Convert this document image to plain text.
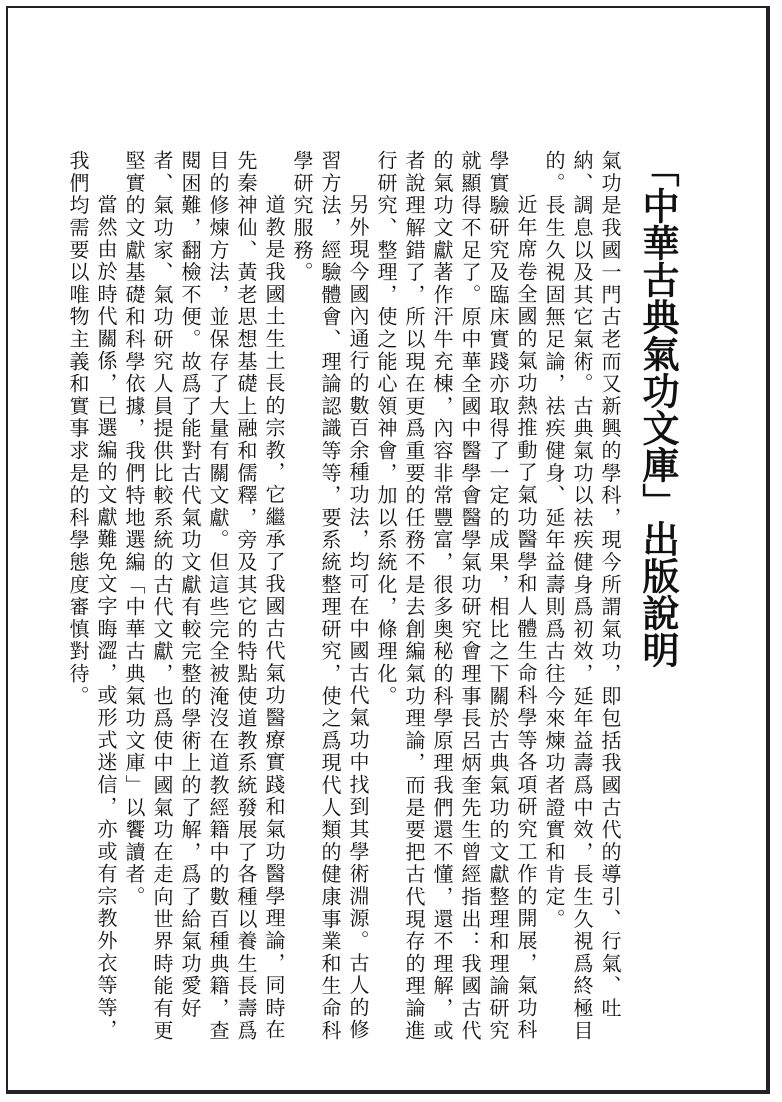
「中華古典氣功文庫」出版說明

氣功是我國一門古老而又新興的學科，現今所謂氣功，即包括我國古代的導引、行氣、吐納、調息以及其它氣術。古典氣功以祛疾健身爲初效，延年益壽爲中效，長生久視爲終極目的。長生久視固無足論，祛疾健身、延年益壽則爲古往今來煉功者證實和肯定。

近年席卷全國的氣功熱推動了氣功醫學和人體生命科學等各項研究工作的開展，氣功科學實驗研究及臨床實踐亦取得了一定的成果，相比之下關於古典氣功的文獻整理和理論研究就顯得不足了。原中華全國中醫學會醫學氣功研究會理事長呂炳奎先生曾經指出：我國古代的氣功文獻著作汗牛充棟，內容非常豐富，很多奥秘的科學原理我們還不懂，還不理解，或者說理解錯了，所以現在更爲重要的任務不是去創編氣功理論，而是要把古代現存的理論進行研究、整理，使之能心領神會，加以系統化，條理化。

另外現今國內通行的數百余種功法，均可在中國古代氣功中找到其學術淵源。古人的修習方法，經驗體會、理論認識等等，要系統整理研究，使之爲現代人類的健康事業和生命科學研究服務。

道教是我國土生土長的宗教，它繼承了我國古代氣功醫療實踐和氣功醫學理論，同時在先秦神仙、黃老思想基礎上融和儒釋，旁及其它的特點使道教系統發展了各種以養生長壽爲目的修煉方法，並保存了大量有關文獻。但這些完全被淹沒在道教經籍中的數百種典籍，查閱困難，翻檢不便。故爲了能對古代氣功文獻有較完整的學術上的了解，爲了給氣功愛好者、氣功家、氣功研究人員提供比較系統的古代文獻，也爲使中國氣功在走向世界時能有更堅實的文獻基礎和科學依據，我們特地選編「中華古典氣功文庫」以饗讀者。

當然由於時代關係，已選編的文獻難免文字晦澀，或形式迷信，亦或有宗教外衣等等，我們均需要以唯物主義和實事求是的科學態度審慎對待。
